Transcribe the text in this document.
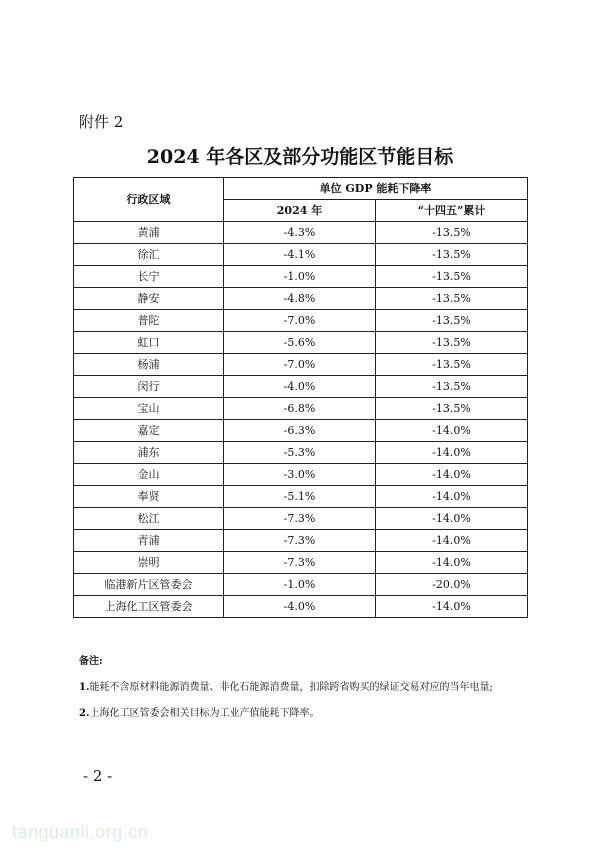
附件 2
2024 年各区及部分功能区节能目标
行政区域	单位 GDP 能耗下降率	
	2024 年	“十四五”累计
黄浦	-4.3%	-13.5%
徐汇	-4.1%	-13.5%
长宁	-1.0%	-13.5%
静安	-4.8%	-13.5%
普陀	-7.0%	-13.5%
虹口	-5.6%	-13.5%
杨浦	-7.0%	-13.5%
闵行	-4.0%	-13.5%
宝山	-6.8%	-13.5%
嘉定	-6.3%	-14.0%
浦东	-5.3%	-14.0%
金山	-3.0%	-14.0%
奉贤	-5.1%	-14.0%
松江	-7.3%	-14.0%
青浦	-7.3%	-14.0%
崇明	-7.3%	-14.0%
临港新片区管委会	-1.0%	-20.0%
上海化工区管委会	-4.0%	-14.0%
备注:
1.能耗不含原材料能源消费量、非化石能源消费量，扣除跨省购买的绿证交易对应的当年电量;
2.上海化工区管委会相关目标为工业产值能耗下降率。
- 2 -
tanguanli.org.cn
